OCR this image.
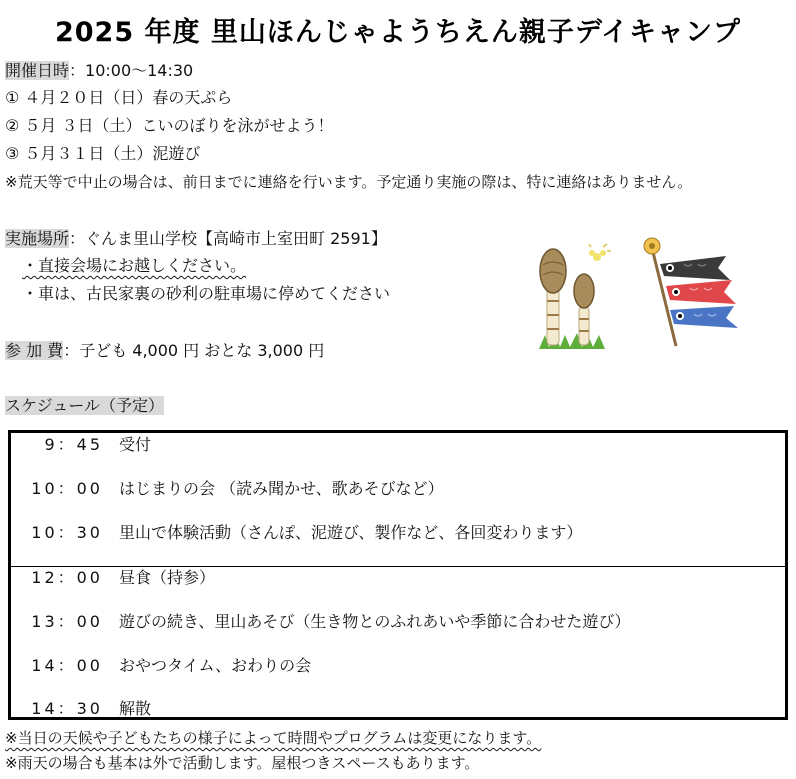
2025 年度 里山ほんじゃようちえん親子デイキャンプ
開催日時：10:00～14:30
① ４月２０日（日）春の天ぷら
② ５月 ３日（土）こいのぼりを泳がせよう！
③ ５月３１日（土）泥遊び
※荒天等で中止の場合は、前日までに連絡を行います。予定通り実施の際は、特に連絡はありません。
実施場所：ぐんま里山学校【高崎市上室田町 2591】
・直接会場にお越しください。
・車は、古民家裏の砂利の駐車場に停めてください
参 加 費：子ども 4,000 円 おとな 3,000 円
スケジュール（予定）
9：45 受付
10：00 はじまりの会 （読み聞かせ、歌あそびなど）
10：30 里山で体験活動（さんぽ、泥遊び、製作など、各回変わります）
12：00 昼食（持参）
13：00 遊びの続き、里山あそび（生き物とのふれあいや季節に合わせた遊び）
14：00 おやつタイム、おわりの会
14：30 解散
※当日の天候や子どもたちの様子によって時間やプログラムは変更になります。
※雨天の場合も基本は外で活動します。屋根つきスペースもあります。
